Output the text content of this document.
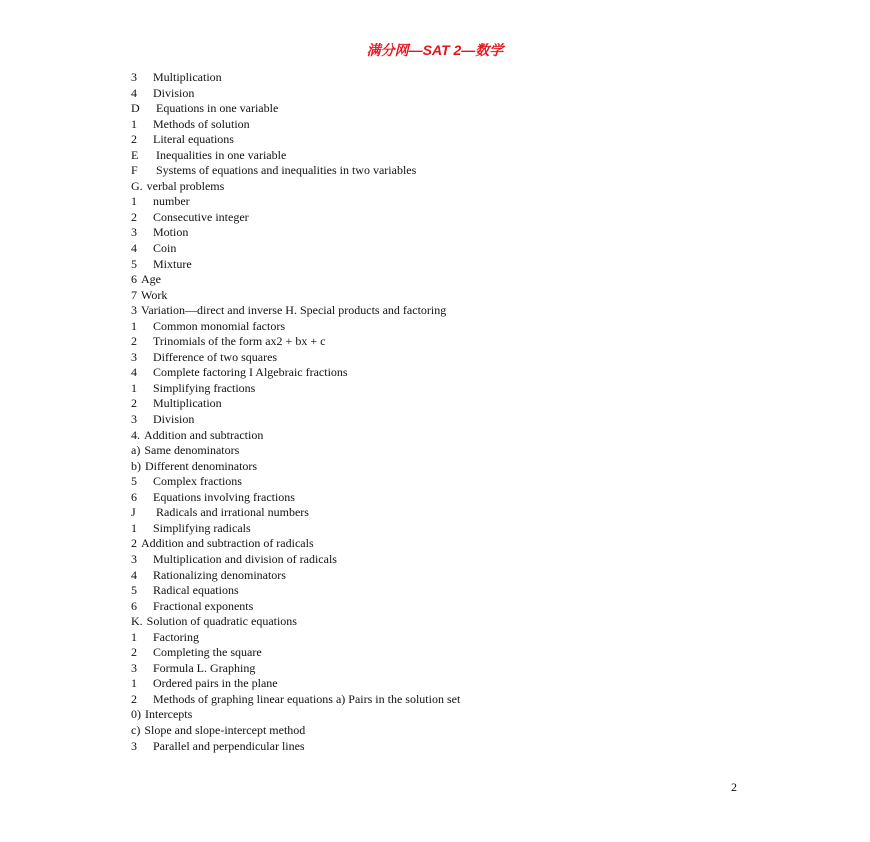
满分网—SAT 2—数学
3 Multiplication
4 Division
D Equations in one variable
1 Methods of solution
2 Literal equations
E Inequalities in one variable
F Systems of equations and inequalities in two variables
G. verbal problems
1 number
2 Consecutive integer
3 Motion
4 Coin
5 Mixture
6 Age
7 Work
3 Variation—direct and inverse H. Special products and factoring
1 Common monomial factors
2 Trinomials of the form ax2 + bx + c
3 Difference of two squares
4 Complete factoring I Algebraic fractions
1 Simplifying fractions
2 Multiplication
3 Division
4. Addition and subtraction
a) Same denominators
b) Different denominators
5 Complex fractions
6 Equations involving fractions
J Radicals and irrational numbers
1 Simplifying radicals
2 Addition and subtraction of radicals
3 Multiplication and division of radicals
4 Rationalizing denominators
5 Radical equations
6 Fractional exponents
K. Solution of quadratic equations
1 Factoring
2 Completing the square
3 Formula L. Graphing
1 Ordered pairs in the plane
2 Methods of graphing linear equations a) Pairs in the solution set
0) Intercepts
c) Slope and slope-intercept method
3 Parallel and perpendicular lines
2
